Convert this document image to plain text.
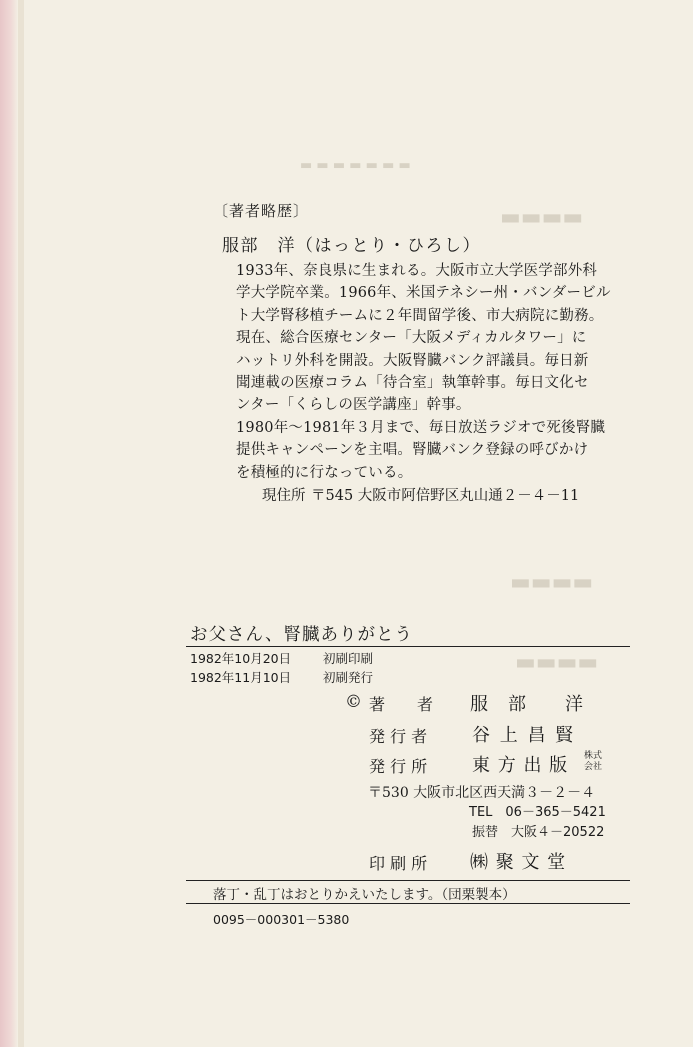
▬ ▬ ▬ ▬ ▬ ▬ ▬
▬▬▬▬
▬▬▬▬
▬▬▬▬
〔著者略歴〕
服部　洋（はっとり・ひろし）
1933年、奈良県に生まれる。大阪市立大学医学部外科
学大学院卒業。1966年、米国テネシー州・バンダービル
ト大学腎移植チームに２年間留学後、市大病院に勤務。
現在、総合医療センター「大阪メディカルタワー」に
ハットリ外科を開設。大阪腎臓バンク評議員。毎日新
聞連載の医療コラム「待合室」執筆幹事。毎日文化セ
ンター「くらしの医学講座」幹事。
1980年〜1981年３月まで、毎日放送ラジオで死後腎臓
提供キャンペーンを主唱。腎臓バンク登録の呼びかけ
を積極的に行なっている。
現住所 〒545 大阪市阿倍野区丸山通２－４－11
お父さん、腎臓ありがとう
1982年10月20日	初刷印刷
1982年11月10日	初刷発行
© 著　　者 服　部　　洋
発 行 者 谷 上 昌 賢
発 行 所 東 方 出 版 株式
会社
〒530 大阪市北区西天満３－２－４
TEL　06－365－5421
振替　大阪４－20522
印 刷 所 ㈱ 聚 文 堂
落丁・乱丁はおとりかえいたします。（団栗製本）
0095－000301－5380
